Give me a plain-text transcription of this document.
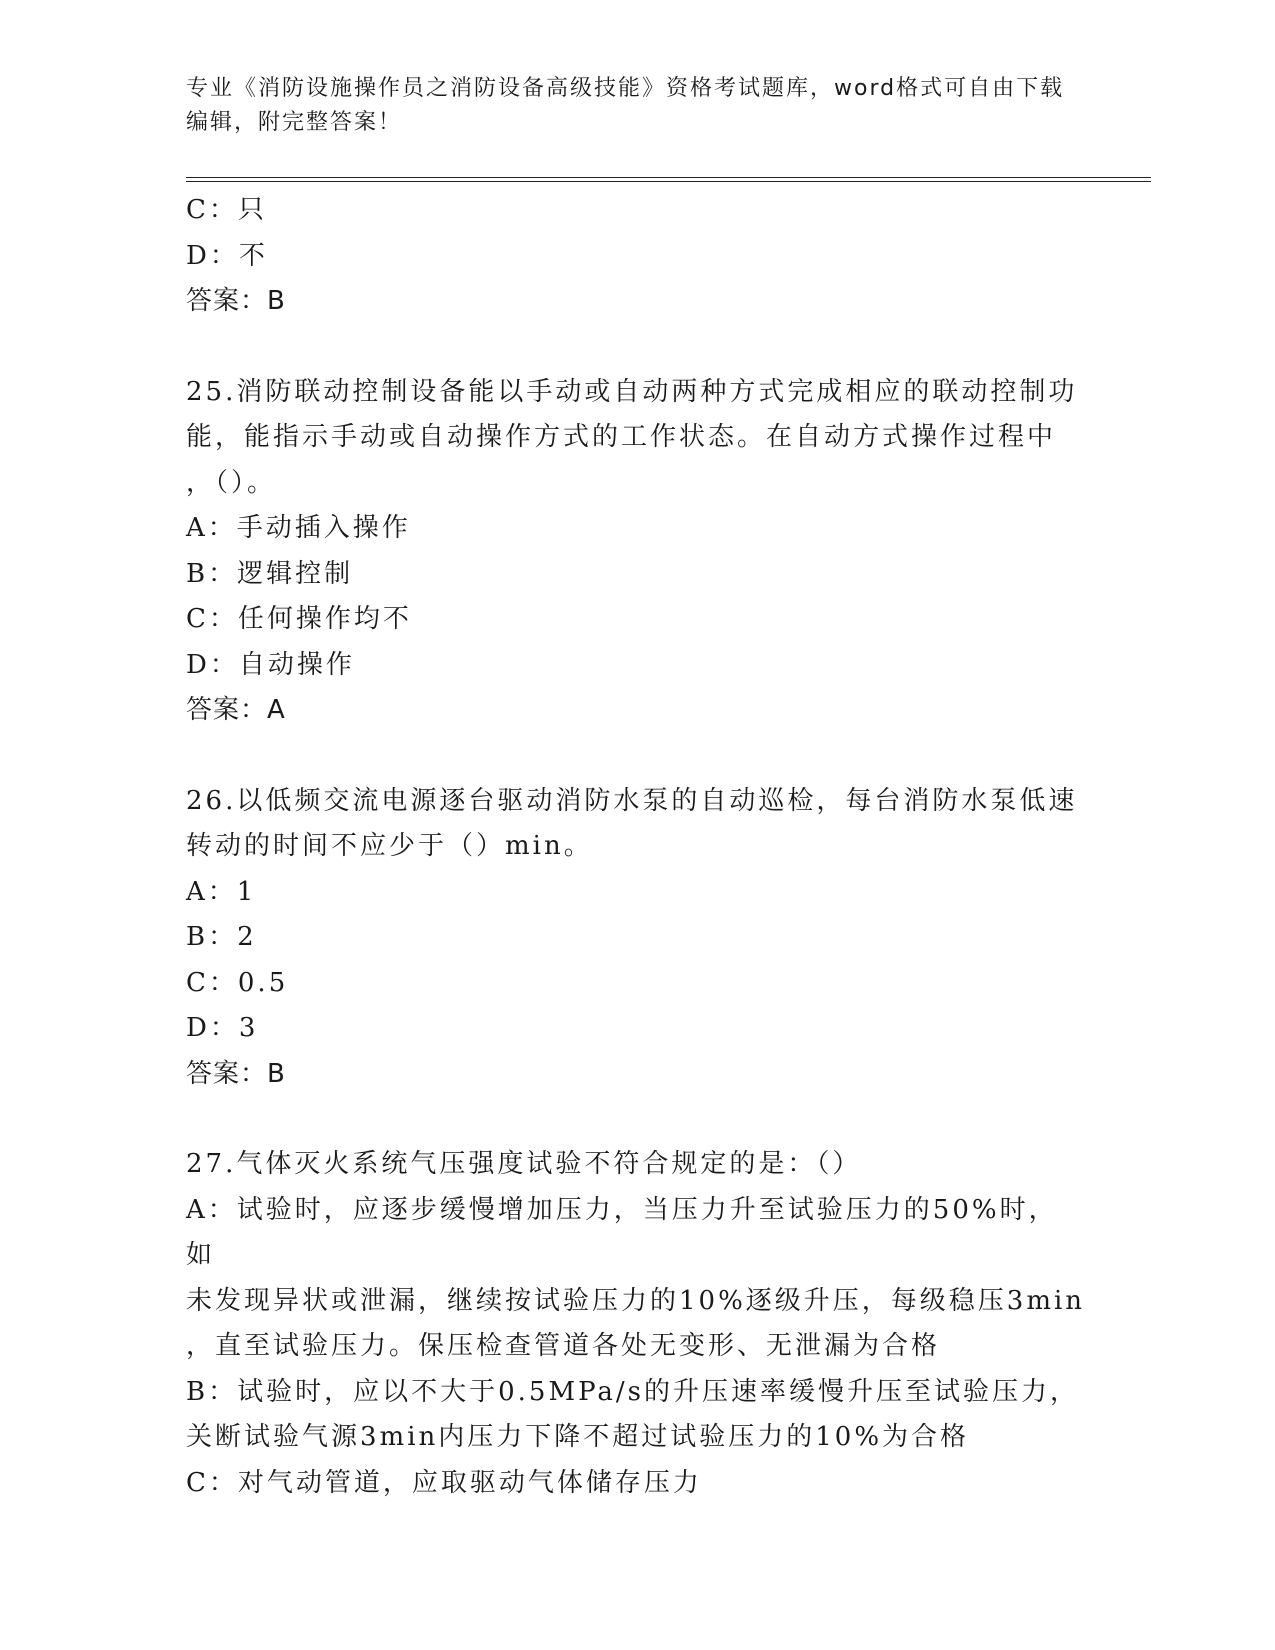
专业《消防设施操作员之消防设备高级技能》资格考试题库，word格式可自由下载编辑，附完整答案！
C：只
D：不
答案：B
25.消防联动控制设备能以手动或自动两种方式完成相应的联动控制功
能，能指示手动或自动操作方式的工作状态。在自动方式操作过程中
，（）。
A：手动插入操作
B：逻辑控制
C：任何操作均不
D：自动操作
答案：A
26.以低频交流电源逐台驱动消防水泵的自动巡检，每台消防水泵低速
转动的时间不应少于（）min。
A：1
B：2
C：0.5
D：3
答案：B
27.气体灭火系统气压强度试验不符合规定的是：（）
A：试验时，应逐步缓慢增加压力，当压力升至试验压力的50%时，如
未发现异状或泄漏，继续按试验压力的10%逐级升压，每级稳压3min
，直至试验压力。保压检查管道各处无变形、无泄漏为合格
B：试验时，应以不大于0.5MPa/s的升压速率缓慢升压至试验压力，
关断试验气源3min内压力下降不超过试验压力的10%为合格
C：对气动管道，应取驱动气体储存压力
